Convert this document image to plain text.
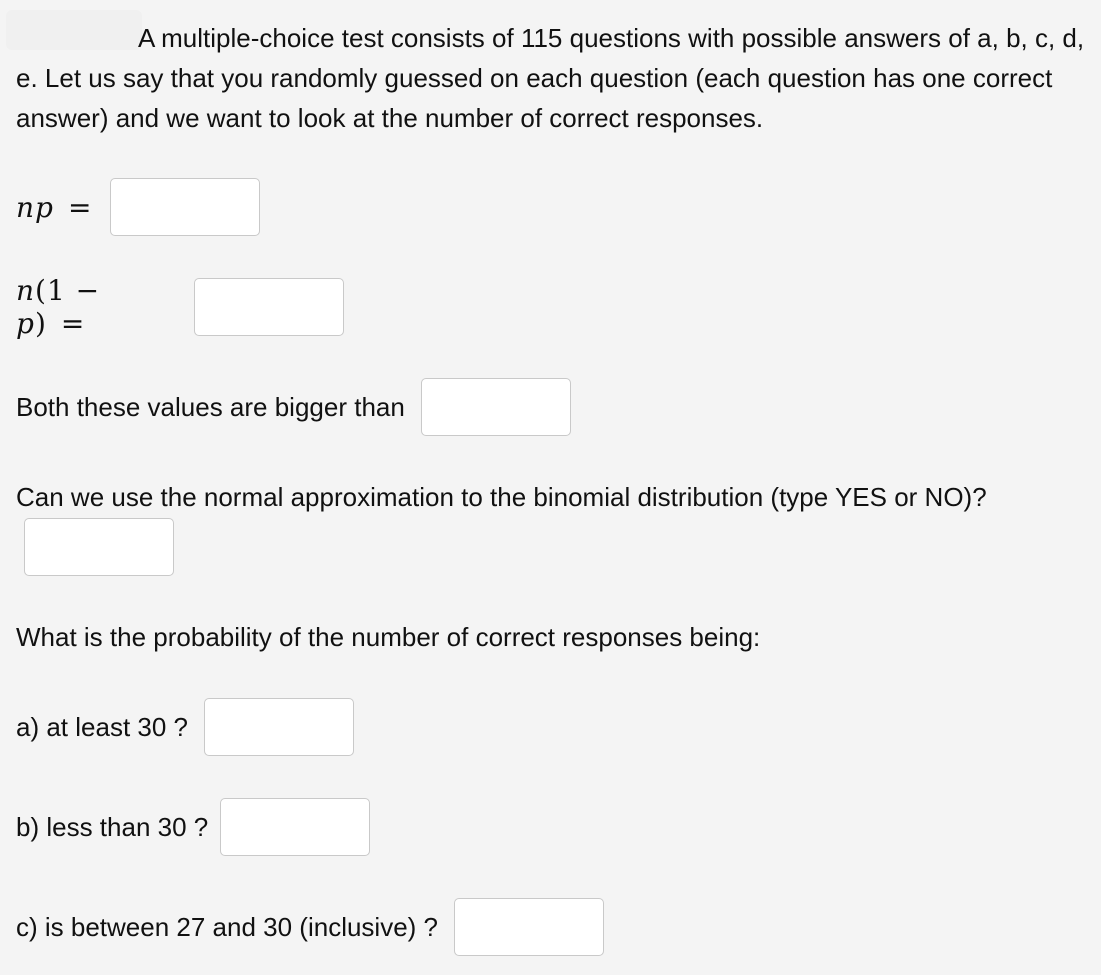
A multiple-choice test consists of 115 questions with possible answers of a, b, c, d, e. Let us say that you randomly guessed on each question (each question has one correct answer) and we want to look at the number of correct responses.

np =
n(1 − p) =
Both these values are bigger than

Can we use the normal approximation to the binomial distribution (type YES or NO)?

What is the probability of the number of correct responses being:

a) at least 30 ?
b) less than 30 ?
c) is between 27 and 30 (inclusive) ?
